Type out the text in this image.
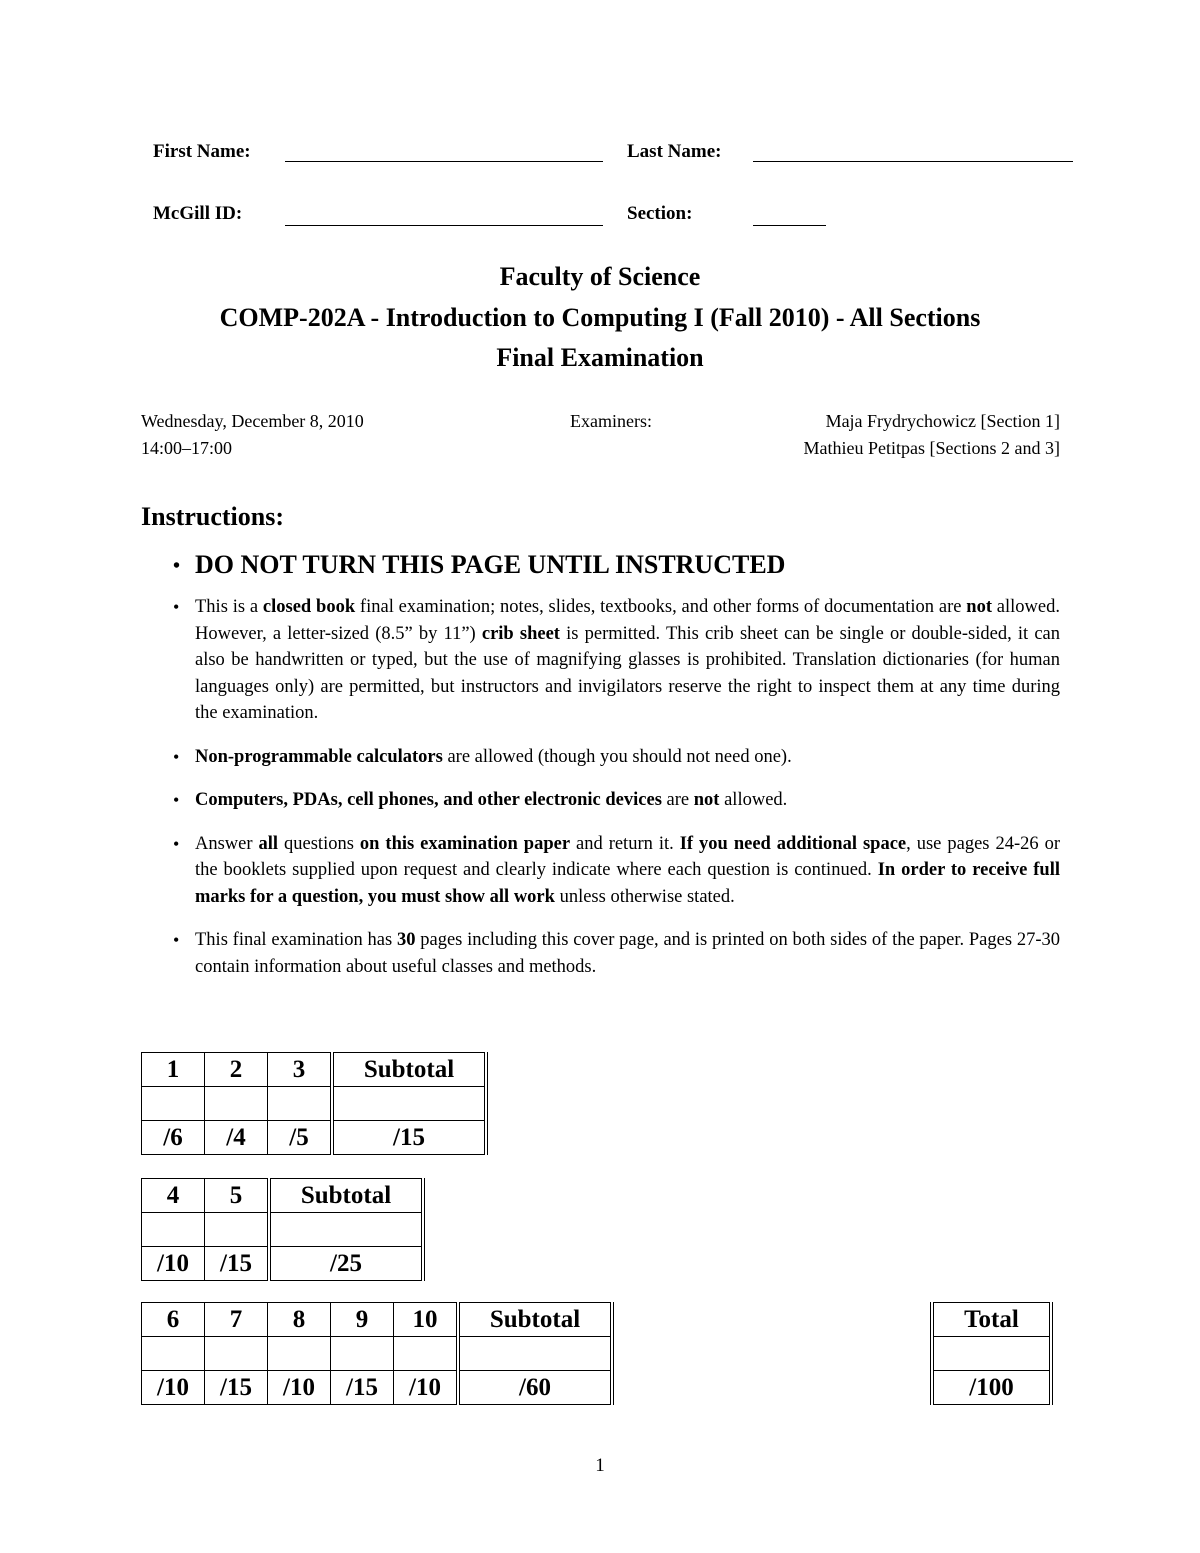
First Name:	Last Name:
McGill ID:	Section:
Faculty of Science
COMP-202A - Introduction to Computing I (Fall 2010) - All Sections
Final Examination
Wednesday, December 8, 2010
14:00–17:00
Examiners:	Maja Frydrychowicz [Section 1]
Mathieu Petitpas [Sections 2 and 3]
Instructions:
• DO NOT TURN THIS PAGE UNTIL INSTRUCTED
• This is a closed book final examination; notes, slides, textbooks, and other forms of documentation are not allowed. However, a letter-sized (8.5” by 11”) crib sheet is permitted. This crib sheet can be single or double-sided, it can also be handwritten or typed, but the use of magnifying glasses is prohibited. Translation dictionaries (for human languages only) are permitted, but instructors and invigilators reserve the right to inspect them at any time during the examination.
• Non-programmable calculators are allowed (though you should not need one).
• Computers, PDAs, cell phones, and other electronic devices are not allowed.
• Answer all questions on this examination paper and return it. If you need additional space, use pages 24-26 or the booklets supplied upon request and clearly indicate where each question is continued. In order to receive full marks for a question, you must show all work unless otherwise stated.
• This final examination has 30 pages including this cover page, and is printed on both sides of the paper. Pages 27-30 contain information about useful classes and methods.
1	2	3	Subtotal

/6	/4	/5	/15
4	5	Subtotal

/10	/15	/25
6	7	8	9	10	Subtotal

/10	/15	/10	/15	/10	/60
Total

/100
1
